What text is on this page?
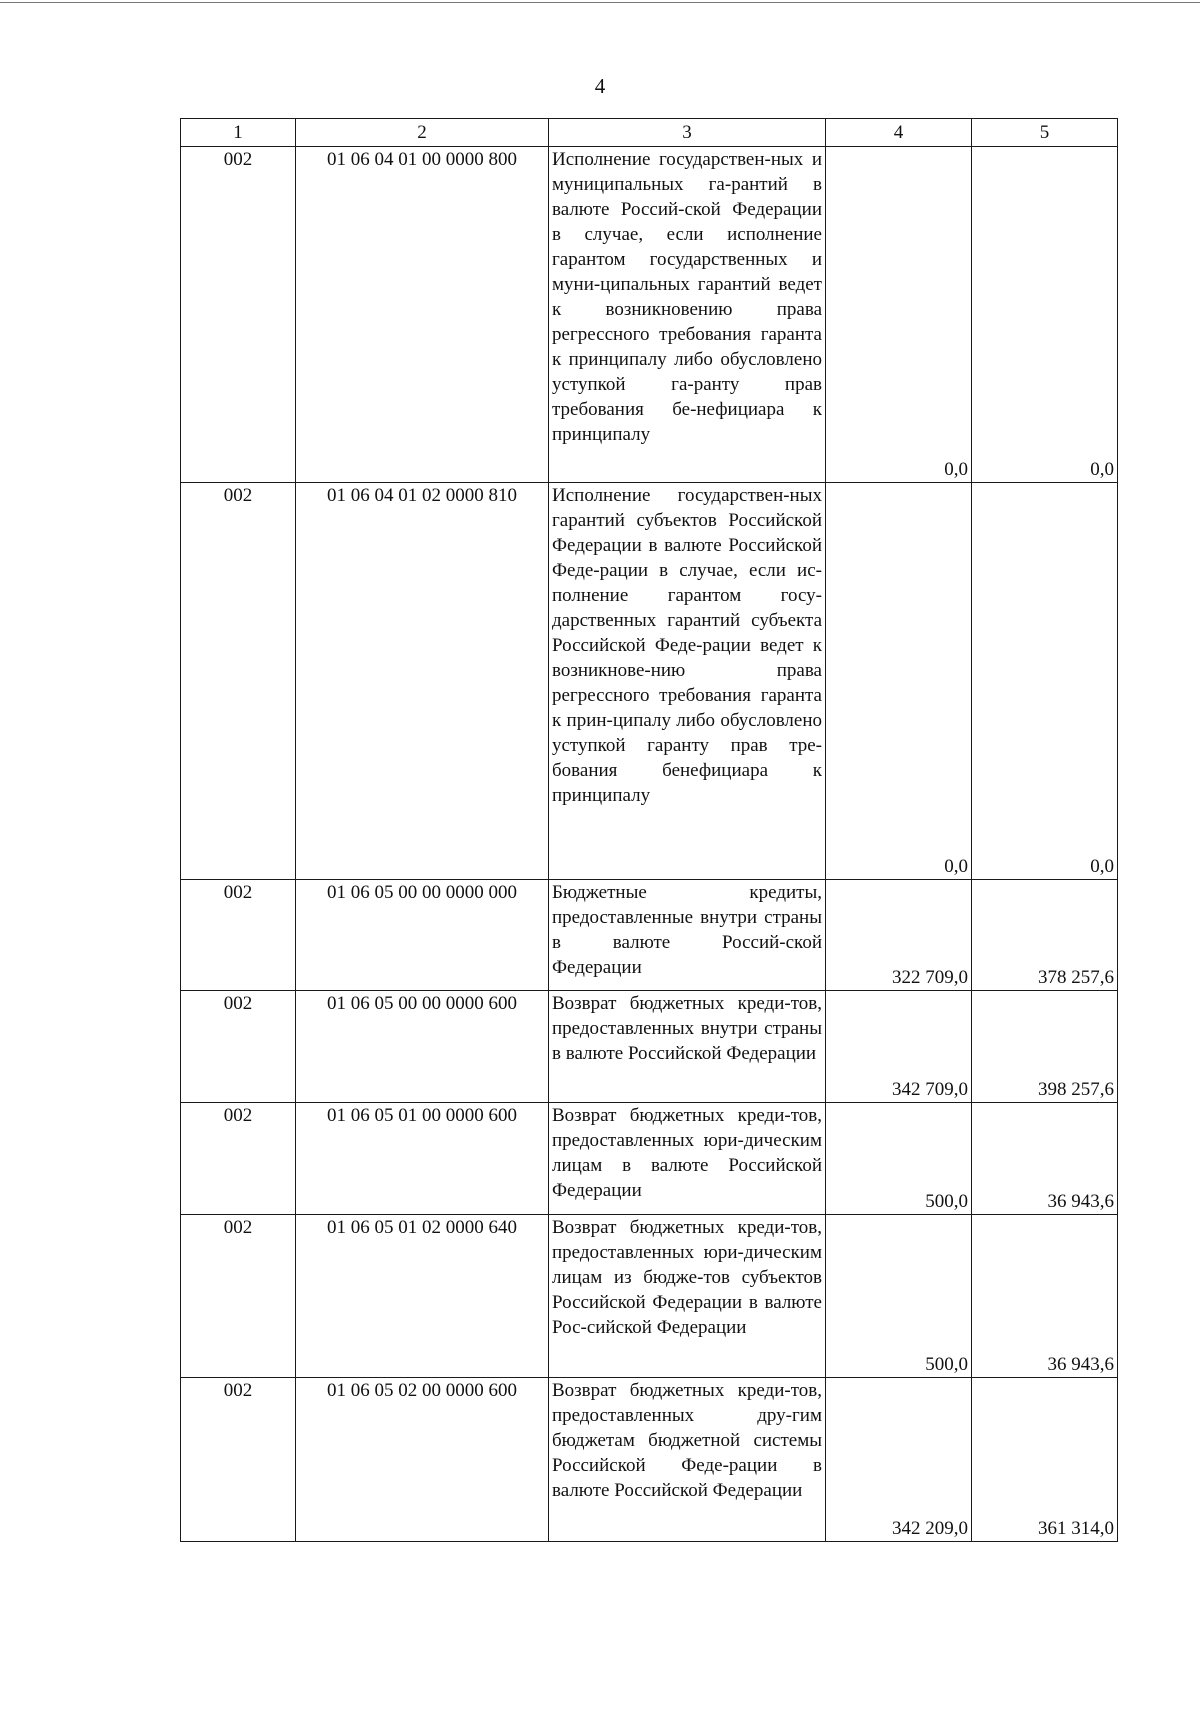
4
1	2	3	4	5
002	01 06 04 01 00 0000 800	Исполнение государствен-ных и муниципальных га-рантий в валюте Россий-ской Федерации в случае, если исполнение гарантом государственных и муни-ципальных гарантий ведет к возникновению права регрессного требования гаранта к принципалу либо обусловлено уступкой га-ранту прав требования бе-нефициара к принципалу	0,0	0,0
002	01 06 04 01 02 0000 810	Исполнение государствен-ных гарантий субъектов Российской Федерации в валюте Российской Феде-рации в случае, если ис-полнение гарантом госу-дарственных гарантий субъекта Российской Феде-рации ведет к возникнове-нию права регрессного требования гаранта к прин-ципалу либо обусловлено уступкой гаранту прав тре-бования бенефициара к принципалу	0,0	0,0
002	01 06 05 00 00 0000 000	Бюджетные кредиты, предоставленные внутри страны в валюте Россий-ской Федерации	322 709,0	378 257,6
002	01 06 05 00 00 0000 600	Возврат бюджетных креди-тов, предоставленных внутри страны в валюте Российской Федерации	342 709,0	398 257,6
002	01 06 05 01 00 0000 600	Возврат бюджетных креди-тов, предоставленных юри-дическим лицам в валюте Российской Федерации	500,0	36 943,6
002	01 06 05 01 02 0000 640	Возврат бюджетных креди-тов, предоставленных юри-дическим лицам из бюдже-тов субъектов Российской Федерации в валюте Рос-сийской Федерации	500,0	36 943,6
002	01 06 05 02 00 0000 600	Возврат бюджетных креди-тов, предоставленных дру-гим бюджетам бюджетной системы Российской Феде-рации в валюте Российской Федерации	342 209,0	361 314,0
